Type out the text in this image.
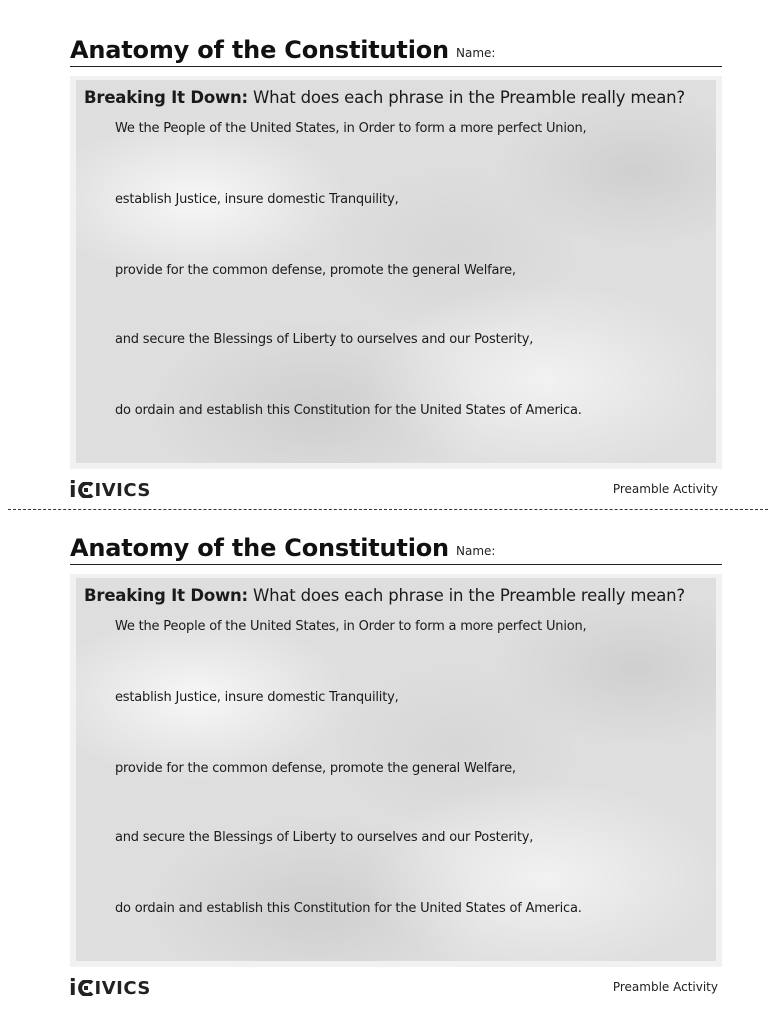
Anatomy of the Constitution Name:
Breaking It Down: What does each phrase in the Preamble really mean?
We the People of the United States, in Order to form a more perfect Union,
establish Justice, insure domestic Tranquility,
provide for the common defense, promote the general Welfare,
and secure the Blessings of Liberty to ourselves and our Posterity,
do ordain and establish this Constitution for the United States of America.
i IVICS	Preamble Activity
Anatomy of the Constitution Name:
Breaking It Down: What does each phrase in the Preamble really mean?
We the People of the United States, in Order to form a more perfect Union,
establish Justice, insure domestic Tranquility,
provide for the common defense, promote the general Welfare,
and secure the Blessings of Liberty to ourselves and our Posterity,
do ordain and establish this Constitution for the United States of America.
i IVICS	Preamble Activity
